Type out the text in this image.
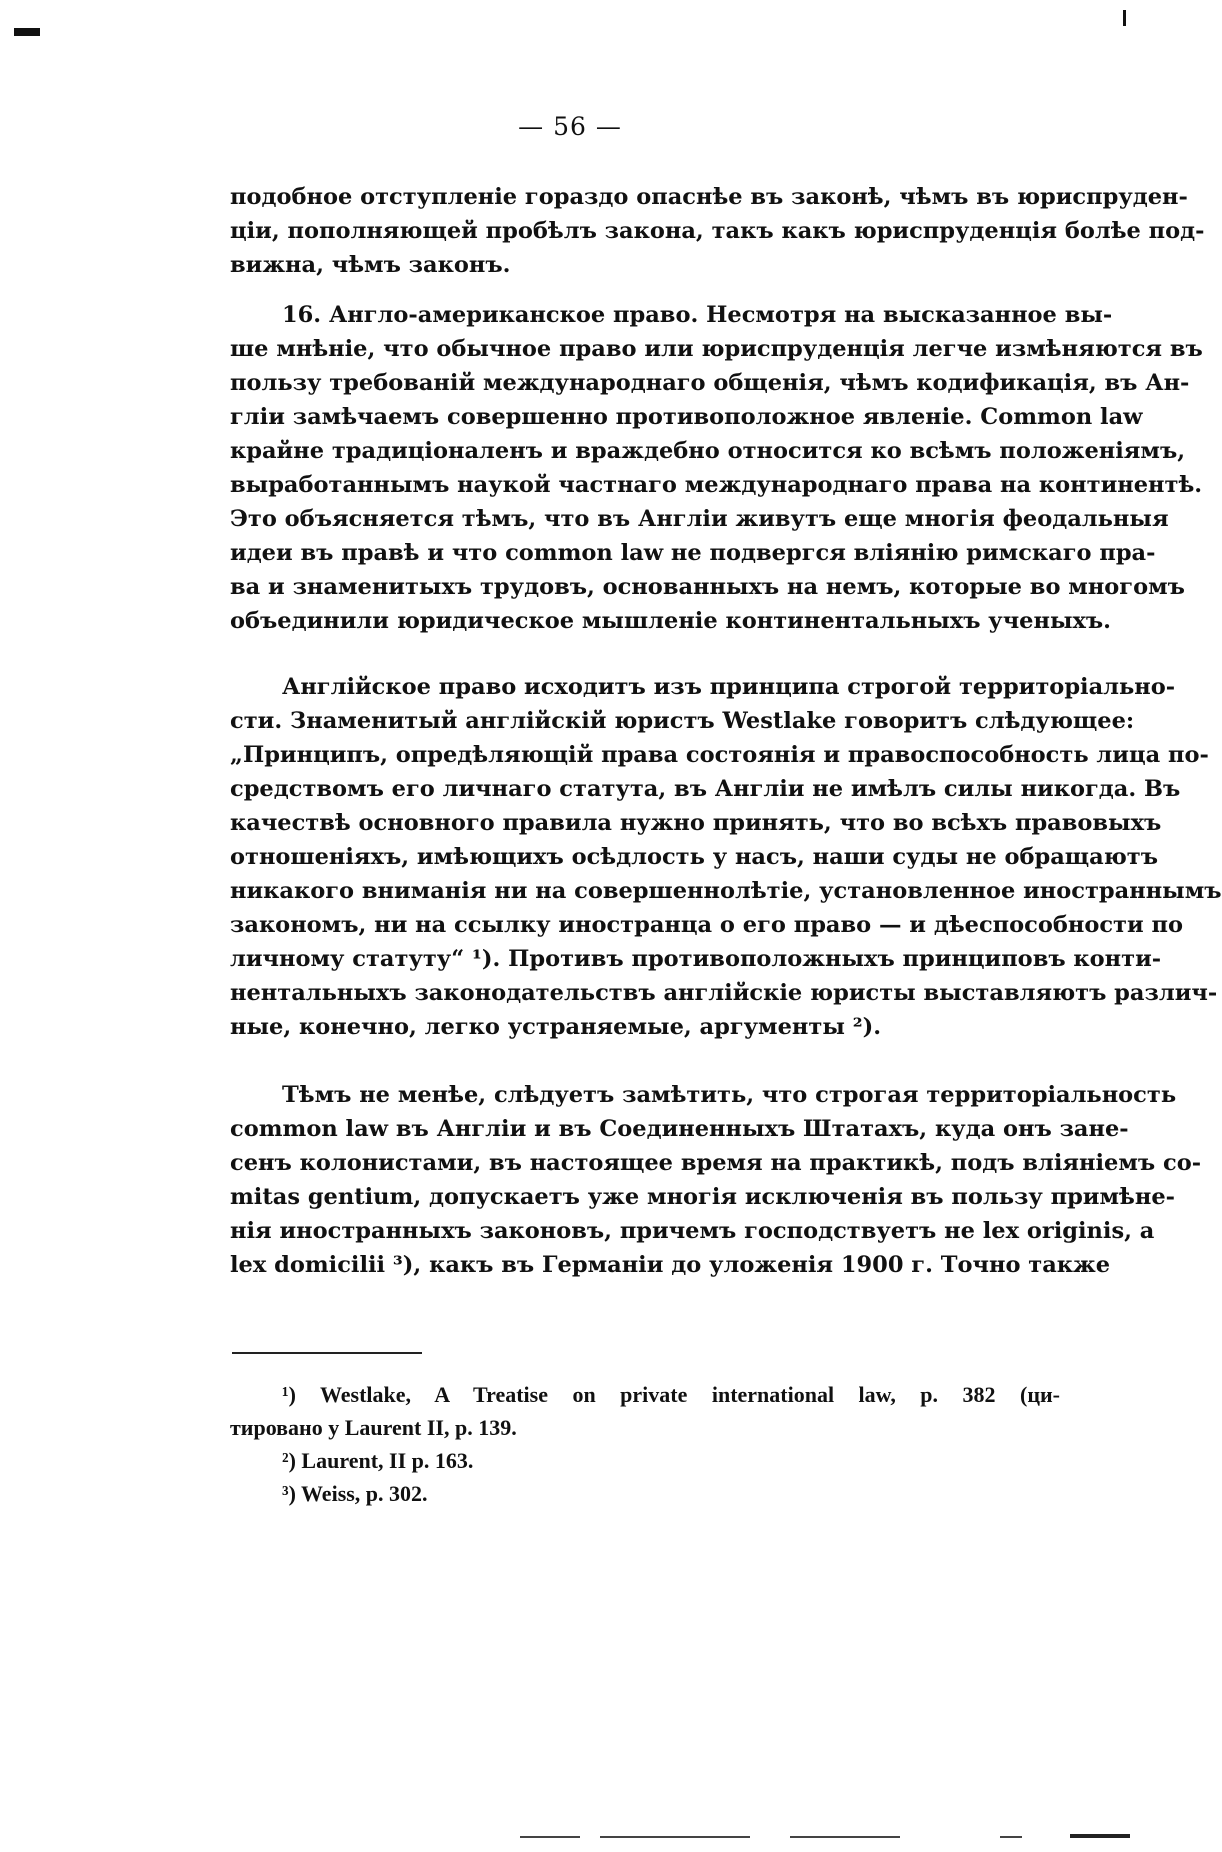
— 56 —
подобное отступленіе гораздо опаснѣе въ законѣ, чѣмъ въ юриспруден-
ціи, пополняющей пробѣлъ закона, такъ какъ юриспруденція болѣе под-
вижна, чѣмъ законъ.
16. Англо-американское право. Несмотря на высказанное вы-
ше мнѣніе, что обычное право или юриспруденція легче измѣняются въ
пользу требованій международнаго общенія, чѣмъ кодификація, въ Ан-
гліи замѣчаемъ совершенно противоположное явленіе. Common law
крайне традиціоналенъ и враждебно относится ко всѣмъ положеніямъ,
выработаннымъ наукой частнаго международнаго права на континентѣ.
Это объясняется тѣмъ, что въ Англіи живутъ еще многія феодальныя
идеи въ правѣ и что common law не подвергся вліянію римскаго пра-
ва и знаменитыхъ трудовъ, основанныхъ на немъ, которые во многомъ
объединили юридическое мышленіе континентальныхъ ученыхъ.
Англійское право исходитъ изъ принципа строгой территоріально-
сти. Знаменитый англійскій юристъ Westlake говоритъ слѣдующее:
„Принципъ, опредѣляющій права состоянія и правоспособность лица по-
средствомъ его личнаго статута, въ Англіи не имѣлъ силы никогда. Въ
качествѣ основного правила нужно принять, что во всѣхъ правовыхъ
отношеніяхъ, имѣющихъ осѣдлость у насъ, наши суды не обращаютъ
никакого вниманія ни на совершеннолѣтіе, установленное иностраннымъ
закономъ, ни на ссылку иностранца о его право — и дѣеспособности по
личному статуту“ ¹). Противъ противоположныхъ принциповъ конти-
нентальныхъ законодательствъ англійскіе юристы выставляютъ различ-
ные, конечно, легко устраняемые, аргументы ²).
Тѣмъ не менѣе, слѣдуетъ замѣтить, что строгая территоріальность
common law въ Англіи и въ Соединенныхъ Штатахъ, куда онъ зане-
сенъ колонистами, въ настоящее время на практикѣ, подъ вліяніемъ co-
mitas gentium, допускаетъ уже многія исключенія въ пользу примѣне-
нія иностранныхъ законовъ, причемъ господствуетъ не lex originis, а
lex domicilii ³), какъ въ Германіи до уложенія 1900 г. Точно также
¹) Westlake, A Treatise on private international law, p. 382 (ци-
тировано у Laurent II, p. 139.
²) Laurent, II p. 163.
³) Weiss, p. 302.
